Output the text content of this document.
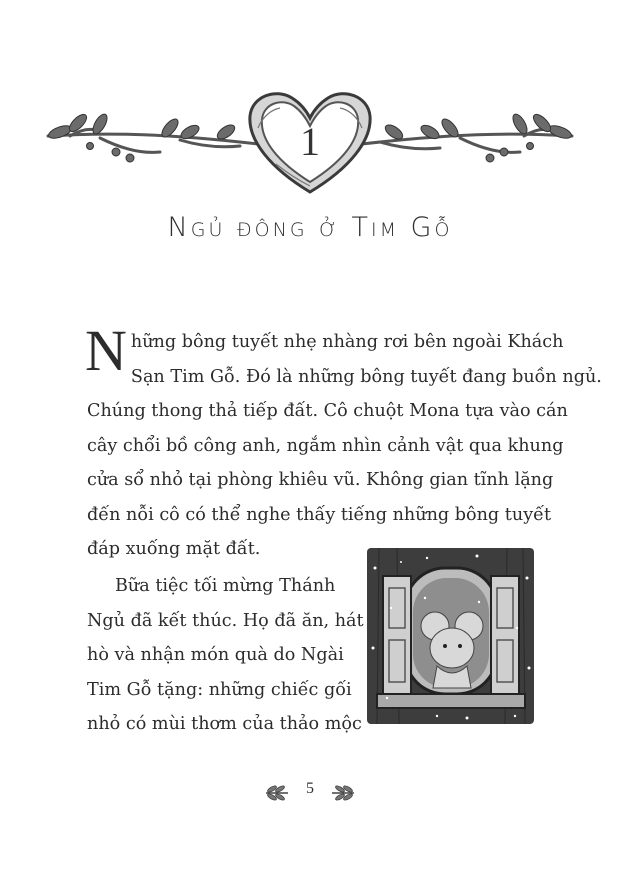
1
Ngủ đông ở Tim Gỗ
N hững bông tuyết nhẹ nhàng rơi bên ngoài Khách
Sạn Tim Gỗ. Đó là những bông tuyết đang buồn ngủ.
Chúng thong thả tiếp đất. Cô chuột Mona tựa vào cán
cây chổi bồ công anh, ngắm nhìn cảnh vật qua khung
cửa sổ nhỏ tại phòng khiêu vũ. Không gian tĩnh lặng
đến nỗi cô có thể nghe thấy tiếng những bông tuyết
đáp xuống mặt đất.
Bữa tiệc tối mừng Thánh
Ngủ đã kết thúc. Họ đã ăn, hát
hò và nhận món quà do Ngài
Tim Gỗ tặng: những chiếc gối
nhỏ có mùi thơm của thảo mộc
5
